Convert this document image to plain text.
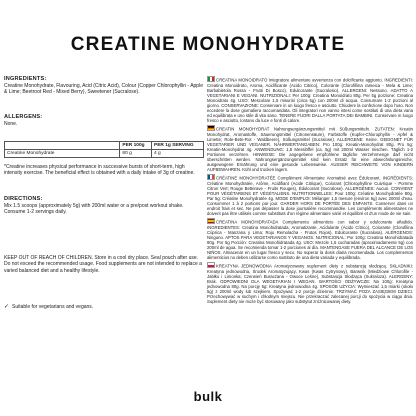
CREATINE MONOHYDRATE

INGREDIENTS:

Creatine Monohydrate, Flavouring, Acid (Citric Acid), Colour (Copper Chlorophyllin - Apple & Lime; Beetroot Red - Mixed Berry), Sweetener (Sucralose).

ALLERGENS:

None.

	PER 100g	PER 1g SERVING
Creatine Monohydrate	80 g	4 g

*Creatine increases physical performance in successive bursts of short-term, high intensity exercise. The beneficial effect is obtained with a daily intake of 3g of creatine.

DIRECTIONS:

Mix 1.5 scoops (approximately 5g) with 200ml water or a pre/post workout shake. Consume 1-2 servings daily.

KEEP OUT OF REACH OF CHILDREN. Store in a cool dry place. Seal pouch after use. Do not exceed the recommended usage. Food supplements are not intended to replace a varied balanced diet and a healthy lifestyle.

✓ Suitable for vegetarians and vegans.

CREATINA MONOIDRATO Integratore alimentare avvertenza con dolcificante aggiunto. INGREDIENTI: Creatina Monoidrato, Aroma, Acidificante (Acido Citrico), Colorante (Clorofillina rameica - Mela & Lime; Barbabietola Rossa - Frutti Di Bosco), Edulcorante (Sucralosio). ALLERGENI: Nessuno. ADATTO A VEGETARIANI E VEGANI. NUTRIZIONALI: Per 100g: Creatina Monoidrato 80g. Per 5g porzione: Creatina Monoidrato 4g. USO: Mescolare 1,5 misurini (circa 5g) con 200ml di acqua. Consumare 1-2 porzioni al giorno. CONSERVAZIONE: Conservare in un luogo fresco e asciutto. Chiudere la confezione dopo l'uso. Non eccedere la dose giornaliera raccomandata. Gli integratori non vanno intesi come sostituti di una dieta varia ed equilibrata e uno stile di vita sano. TENERE FUORI DALLA PORTATA DEI BAMBINI. Conservare in luogo fresco e asciutto, lontano da luce e fonti di calore.

CREATIN MONOHYDRAT Nahrungsergänzungsmittel mit Süßungsmitteln. ZUTATEN: Kreatin Monohydrat, Aromastoffe, Säuerungsmittel (Citronensäure), Farbstoffe (Kupfer-Chlorophyllin - Apfel & Limette; Rote-Bete-Rot - Waldbeere), Süßungsmittel (Sucralose). ALLERGENE: Keine. GEEIGNET FÜR VEGETARIER UND VEGANER. NÄHRWERTANGABEN: Pro 100g: Kreatin-Monohydrat 80g. Pro 5g: Kreatin-Monohydrat 4g. ANWENDUNG: 1,5 Messlöffel (ca. 5g) mit 200ml Wasser mischen. Täglich 1-2 Portionen verzehren. HINWEISE: Die angegebene empfohlene tägliche Verzehrmenge darf nicht überschritten werden. Nahrungsergänzungsmittel sind kein Ersatz für eine abwechslungsreiche, ausgewogene Ernährung und eine gesunde Lebensweise. AUSSER REICHWEITE VON KINDERN AUFBEWAHREN. Kühl und trocken lagern.

CRÉATINE MONOHYDRATÉE Complément Alimentaire Aromatisé avec Édulcorant. INGRÉDIENTS: Créatine Monohydratée, Arôme, Acidifiant (Acide Citrique), Colorant (Chlorophylline Cuivrique - Pomme Citron Vert; Rouge Betterave - Fruits Rouges), Édulcorant (Sucralose). ALLERGÈNES: Aucun. CONVIENT POUR VÉGÉTARIENS ET VÉGÉTALIENS. NUTRITIONNELLES: Pour 100g: Créatine Monohydratée 80g. Par 5g: Créatine Monohydratée 4g. MODE D'EMPLOI: Mélanger 1,5 mesure (environ 5g) avec 200ml d'eau. Consommer 1 à 2 portions par jour. GARDER HORS DE PORTÉE DES ENFANTS. Conserver dans un endroit frais et sec. Ne pas dépasser la dose journalière recommandée. Les compléments alimentaires ne doivent pas être utilisés comme substituts d'un régime alimentaire varié et équilibré et d'un mode de vie sain.

CREATINA MONOHIDRATADA Complemento alimenticio con sabor y edulcorante añadido. INGREDIENTES: Creatina Monohidratada, Aromatizante, Acidulante (Ácido Cítrico), Colorante (Clorofilina Cúprica - Manzana y Lima; Rojo Remolacha - Frutos Rojos), Edulcorante (Sucralosa). ALÉRGENOS: Ninguno. APTOS PARA VEGETARIANOS Y VEGANOS. NUTRICIONAL: Por 100g: Creatina Monohidratada 80g. Por 5g Porción: Creatina Monohidratada 4g. USO: Mezcle 1,5 cucharadas (aproximadamente 5g) con 200ml de agua. Se recomienda tomar 1-2 porciones al día. MANTENGASE FUERA DEL ALCANCE DE LOS NIÑOS. Almacenar en un lugar fresco y seco. No superar la dosis diaria recomendada. Los complementos alimenticios no deben utilizarse como sustituto de una dieta variada y equilibrada.

KREATYNA JEDNOWODNA Aromatyzowany suplement diety z substancją słodzącą. SKŁADNIKI: Kreatyna jednowodna, Środek Aromatyzujący, Kwas (Kwas Cytrynowy), Barwnik (Miedziowe Chlorofile - Jabłko i Limonka; Czerwień Buraczana - Owoce Leśne), Substancja Słodząca (Sukraloza). ALERGENY: Brak. ODPOWIEDNI DLA WEGETARIAN I WEGAN. WARTOŚCI ODŻYWCZE: Na 100g: Kreatyna jednowodna 80g. Na porcję 5g: Kreatyna jednowodna 4g. SPOSÓB UŻYCIA: Wymieszać 1,5 miarki (około 5g) z 200ml wody lub szejkiem. Spożywać 1-2 porcje dziennie. TRZYMAĆ POZA ZASIĘGIEM DZIECI. Przechowywać w suchym i chłodnym miejscu. Nie przekraczać zalecanej porcji do spożycia w ciągu dnia. Suplement diety nie może być stosowany jako substytut zróżnicowanej diety.

bulk
